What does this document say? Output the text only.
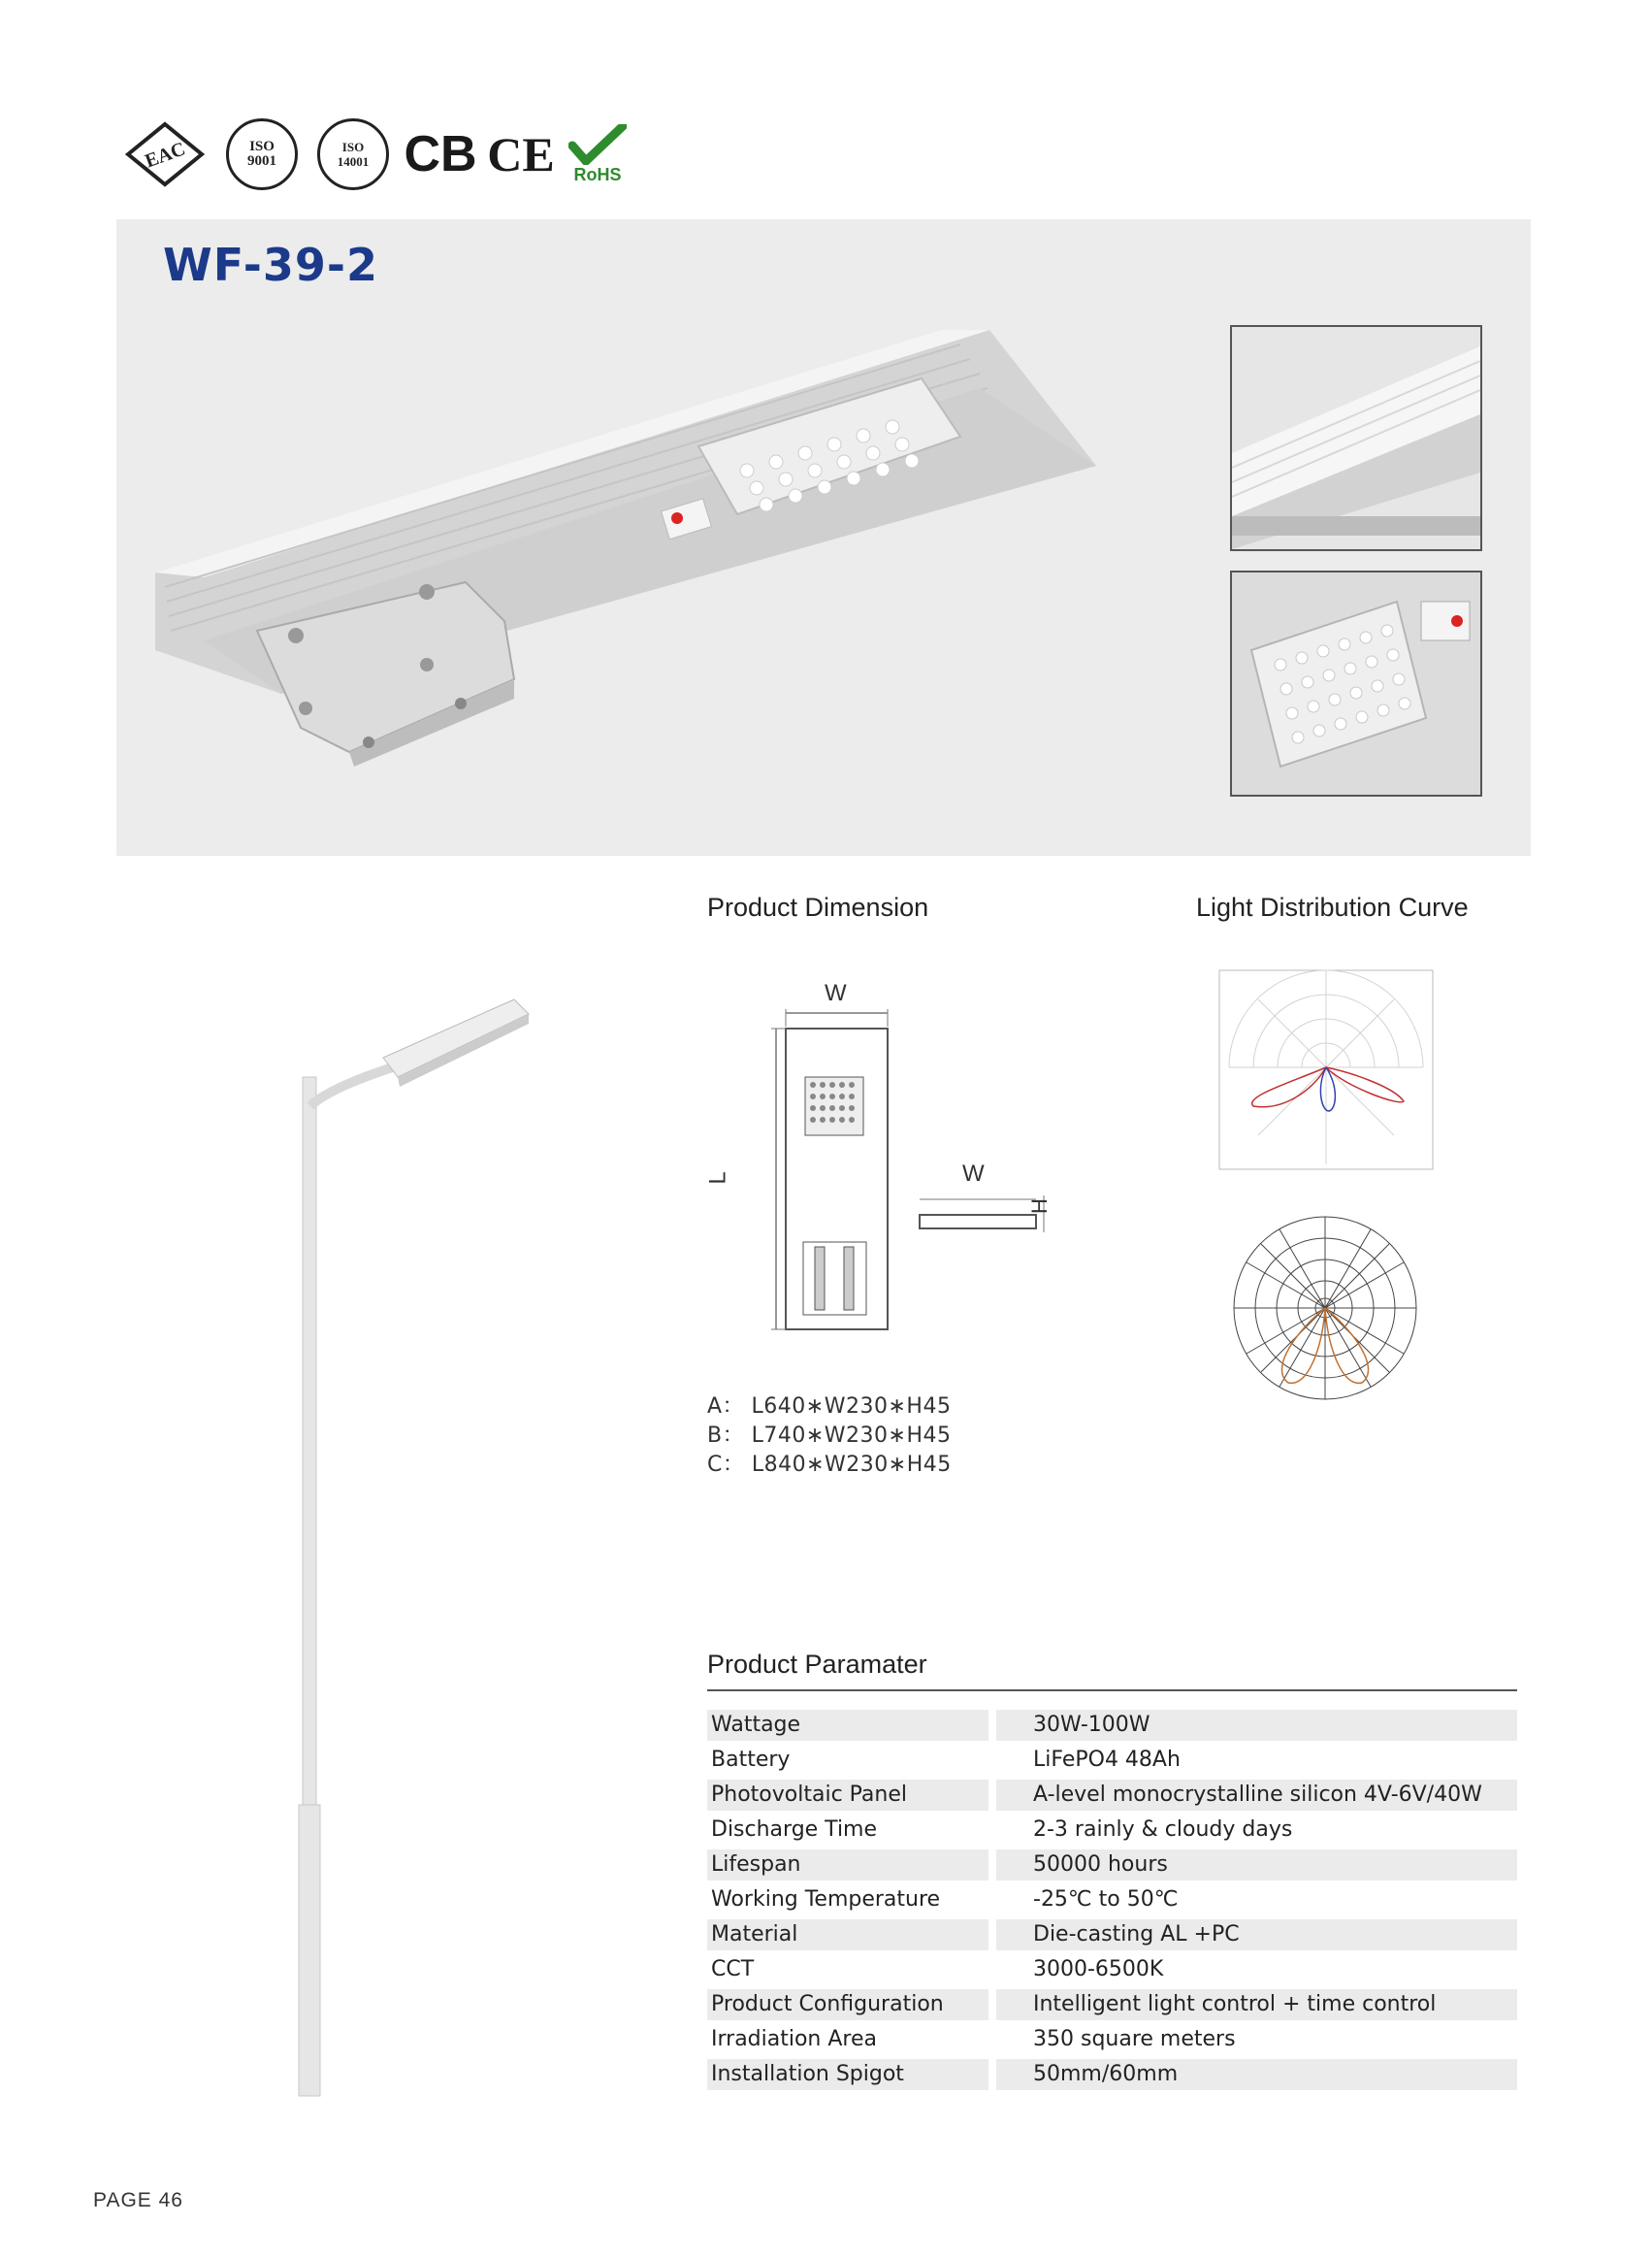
EAC	ISO
9001
ISO
14001 CB CE RoHS
WF-39-2
Product Dimension
W
L	W
H
A： L640∗W230∗H45
B： L740∗W230∗H45
C： L840∗W230∗H45
Light Distribution Curve
Product Paramater
Wattage	30W-100W
Battery	LiFePO4 48Ah
Photovoltaic Panel	A-level monocrystalline silicon 4V-6V/40W
Discharge Time	2-3 rainly & cloudy days
Lifespan	50000 hours
Working Temperature	-25℃ to 50℃
Material	Die-casting AL +PC
CCT	3000-6500K
Product Configuration	Intelligent light control + time control
Irradiation Area	350 square meters
Installation Spigot	50mm/60mm
PAGE 46
